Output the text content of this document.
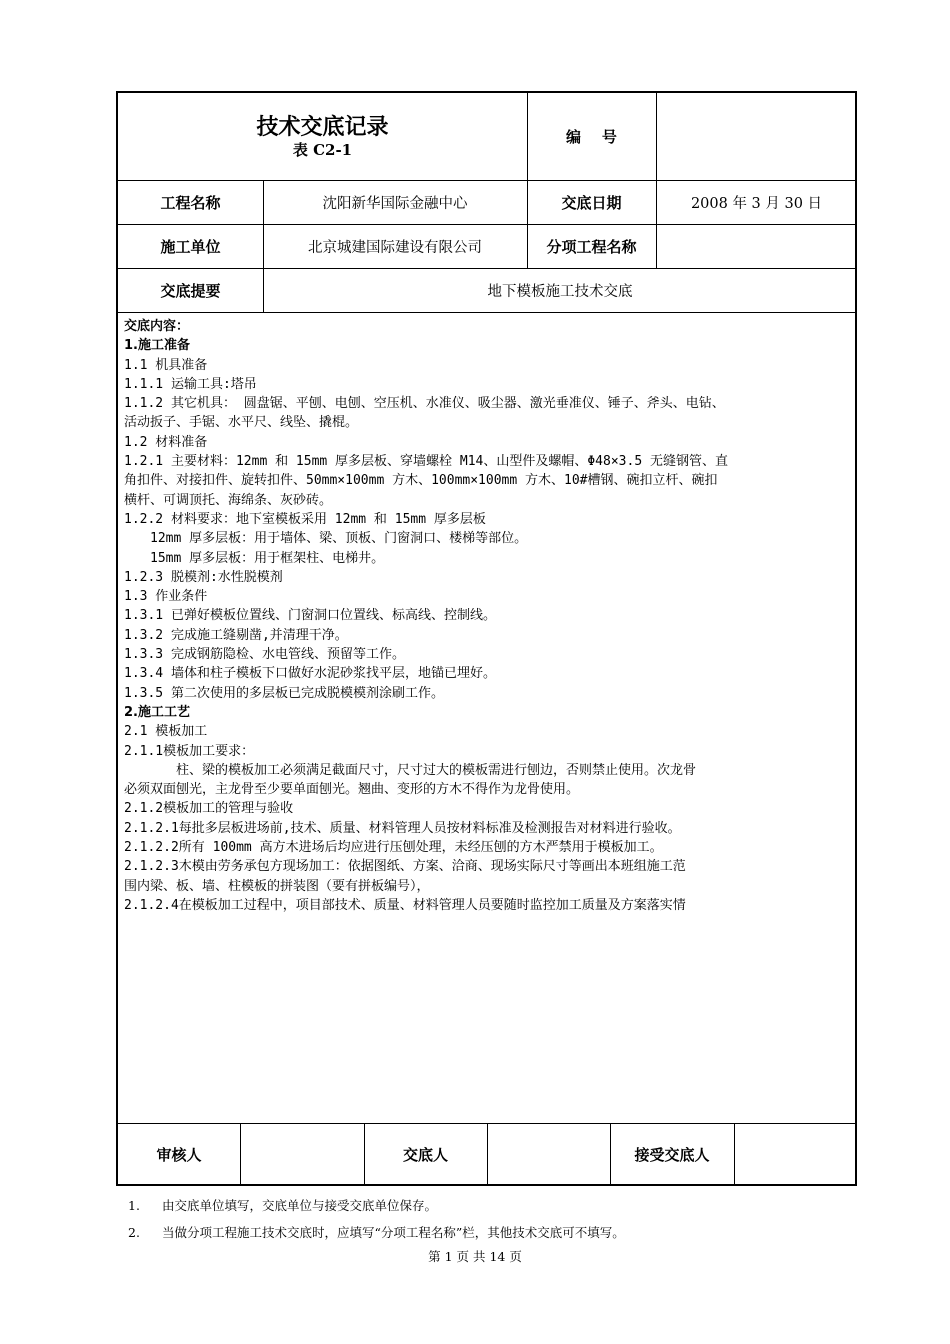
技术交底记录
表 C2-1
编    号
工程名称	沈阳新华国际金融中心	交底日期	2008 年 3 月 30 日
施工单位	北京城建国际建设有限公司	分项工程名称
交底提要	地下模板施工技术交底
交底内容：
1.施工准备
1.1 机具准备
1.1.1 运输工具:塔吊
1.1.2 其它机具： 圆盘锯、平刨、电刨、空压机、水准仪、吸尘器、激光垂准仪、锤子、斧头、电钻、
活动扳子、手锯、水平尺、线坠、撬棍。
1.2 材料准备
1.2.1 主要材料：12mm 和 15mm 厚多层板、穿墙螺栓 M14、山型件及螺帽、Φ48×3.5 无缝钢管、直
角扣件、对接扣件、旋转扣件、50mm×100mm 方木、100mm×100mm 方木、10#槽钢、碗扣立杆、碗扣
横杆、可调顶托、海绵条、灰砂砖。
1.2.2 材料要求：地下室模板采用 12mm 和 15mm 厚多层板
12mm 厚多层板：用于墙体、梁、顶板、门窗洞口、楼梯等部位。
15mm 厚多层板：用于框架柱、电梯井。
1.2.3 脱模剂:水性脱模剂
1.3 作业条件
1.3.1 已弹好模板位置线、门窗洞口位置线、标高线、控制线。
1.3.2 完成施工缝剔凿,并清理干净。
1.3.3 完成钢筋隐检、水电管线、预留等工作。
1.3.4 墙体和柱子模板下口做好水泥砂浆找平层，地锚已埋好。
1.3.5 第二次使用的多层板已完成脱模模剂涂刷工作。
2.施工工艺
2.1 模板加工
2.1.1模板加工要求：
柱、梁的模板加工必须满足截面尺寸，尺寸过大的模板需进行刨边，否则禁止使用。次龙骨
必须双面刨光，主龙骨至少要单面刨光。翘曲、变形的方木不得作为龙骨使用。
2.1.2模板加工的管理与验收
2.1.2.1每批多层板进场前,技术、质量、材料管理人员按材料标准及检测报告对材料进行验收。
2.1.2.2所有 100mm 高方木进场后均应进行压刨处理，未经压刨的方木严禁用于模板加工。
2.1.2.3木模由劳务承包方现场加工：依据图纸、方案、洽商、现场实际尺寸等画出本班组施工范
围内梁、板、墙、柱模板的拼装图（要有拼板编号），
2.1.2.4在模板加工过程中，项目部技术、质量、材料管理人员要随时监控加工质量及方案落实情
审核人	交底人	接受交底人
1.	由交底单位填写，交底单位与接受交底单位保存。
2.	当做分项工程施工技术交底时，应填写“分项工程名称”栏，其他技术交底可不填写。
第 1 页 共 14 页
